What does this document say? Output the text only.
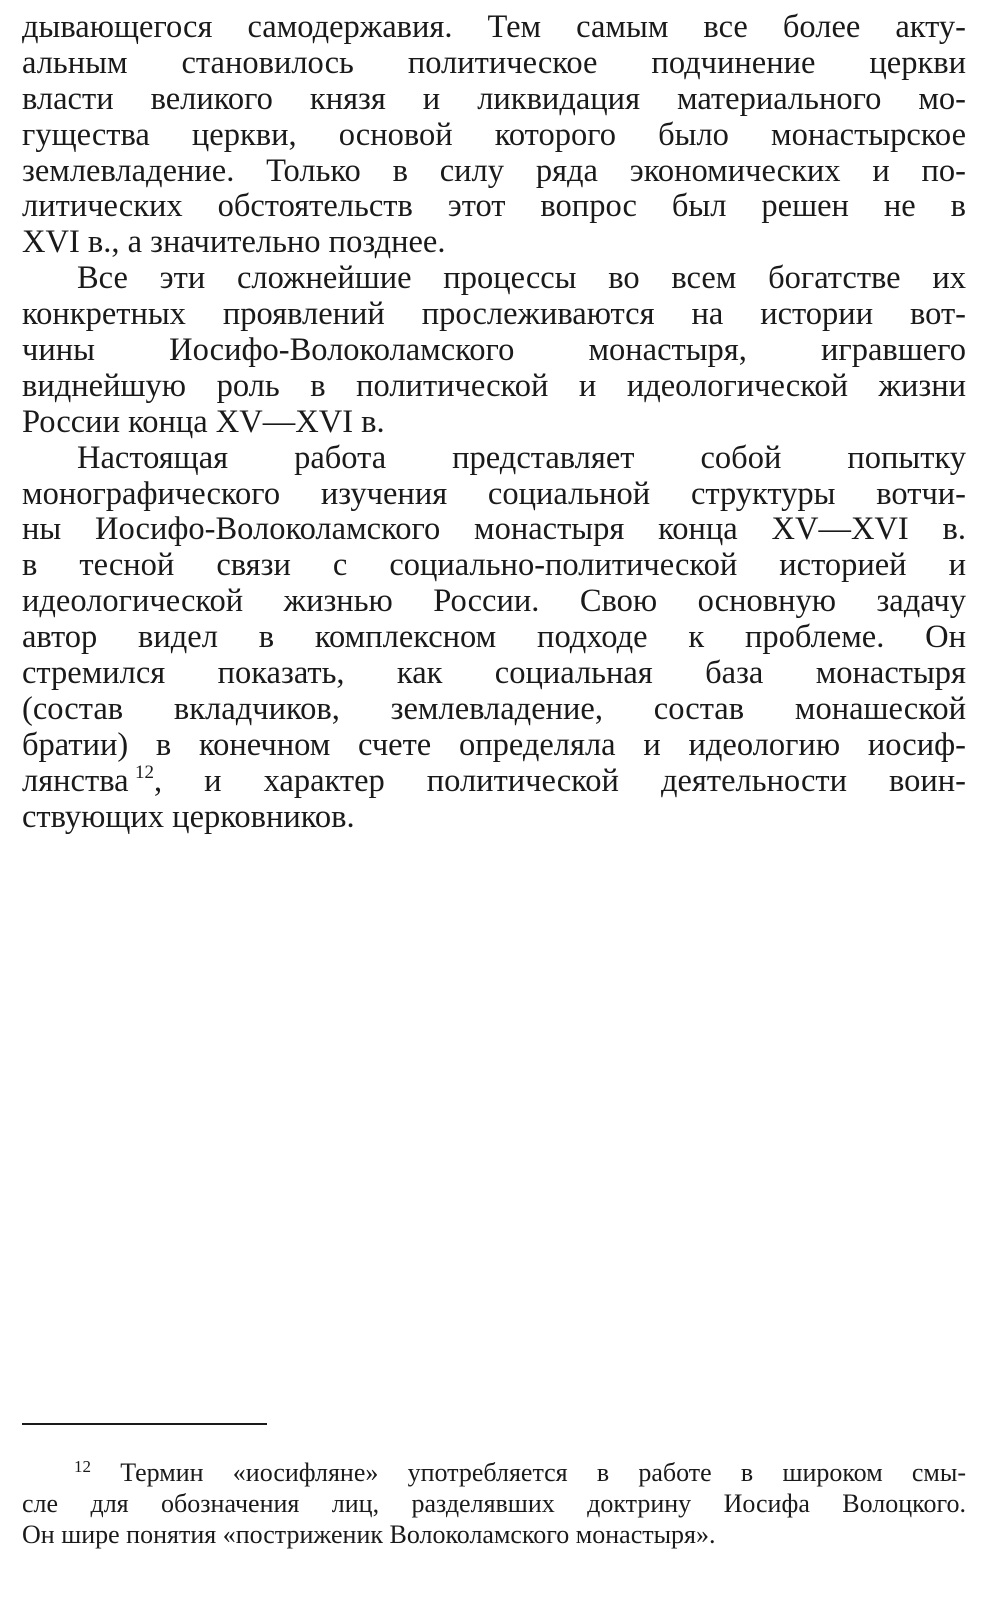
дывающегося самодержавия. Тем самым все более акту-
альным становилось политическое подчинение церкви
власти великого князя и ликвидация материального мо-
гущества церкви, основой которого было монастырское
землевладение. Только в силу ряда экономических и по-
литических обстоятельств этот вопрос был решен не в
XVI в., а значительно позднее.
Все эти сложнейшие процессы во всем богатстве их
конкретных проявлений прослеживаются на истории вот-
чины Иосифо-Волоколамского монастыря, игравшего
виднейшую роль в политической и идеологической жизни
России конца XV—XVI в.
Настоящая работа представляет собой попытку
монографического изучения социальной структуры вотчи-
ны Иосифо-Волоколамского монастыря конца XV—XVI в.
в тесной связи с социально-политической историей и
идеологической жизнью России. Свою основную задачу
автор видел в комплексном подходе к проблеме. Он
стремился показать, как социальная база монастыря
(состав вкладчиков, землевладение, состав монашеской
братии) в конечном счете определяла и идеологию иосиф-
лянства  $^{12}$, и характер политической деятельности воин-
ствующих церковников.
$^{12}$ Термин «иосифляне» употребляется в работе в широком смы-
сле для обозначения лиц, разделявших доктрину Иосифа Волоцкого.
Он шире понятия «постриженик Волоколамского монастыря».
